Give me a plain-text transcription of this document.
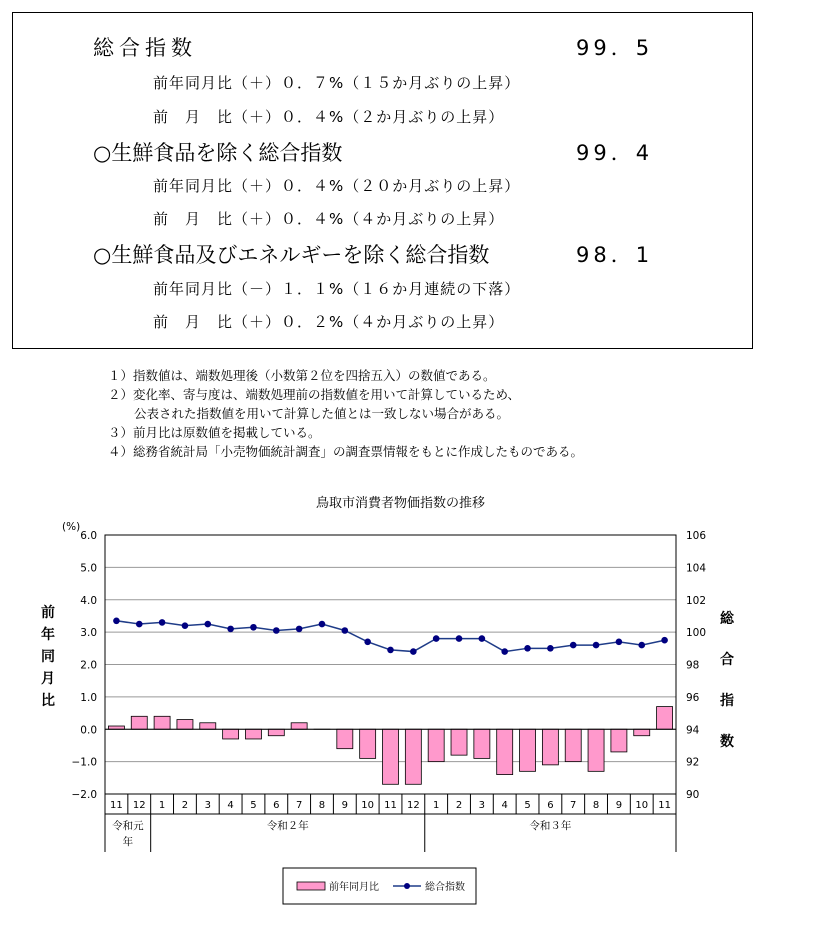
総合指数	99．5
前年同月比（＋）０．７%（１５か月ぶりの上昇）
前　月　比（＋）０．４%（２か月ぶりの上昇）
○生鮮食品を除く総合指数	99．4
前年同月比（＋）０．４%（２０か月ぶりの上昇）
前　月　比（＋）０．４%（４か月ぶりの上昇）
○生鮮食品及びエネルギーを除く総合指数	98．1
前年同月比（－）１．１%（１６か月連続の下落）
前　月　比（＋）０．２%（４か月ぶりの上昇）
１）指数値は、端数処理後（小数第２位を四捨五入）の数値である。
２）変化率、寄与度は、端数処理前の指数値を用いて計算しているため、
公表された指数値を用いて計算した値とは一致しない場合がある。
３）前月比は原数値を掲載している。
４）総務省統計局「小売物価統計調査」の調査票情報をもとに作成したものである。
鳥取市消費者物価指数の推移
6.0	106
5.0	104
4.0	102
3.0	100
2.0	98
1.0	96
0.0	94
−1.0	92
−2.0	90
(%)
前
年
同
月
比
総
合
指
数
11 12 1 2 3 4 5 6 7 8 9 10 11 12 1 2 3 4 5 6 7 8 9 10 11
令和元
年
令和２年	令和３年
前年同月比	総合指数
